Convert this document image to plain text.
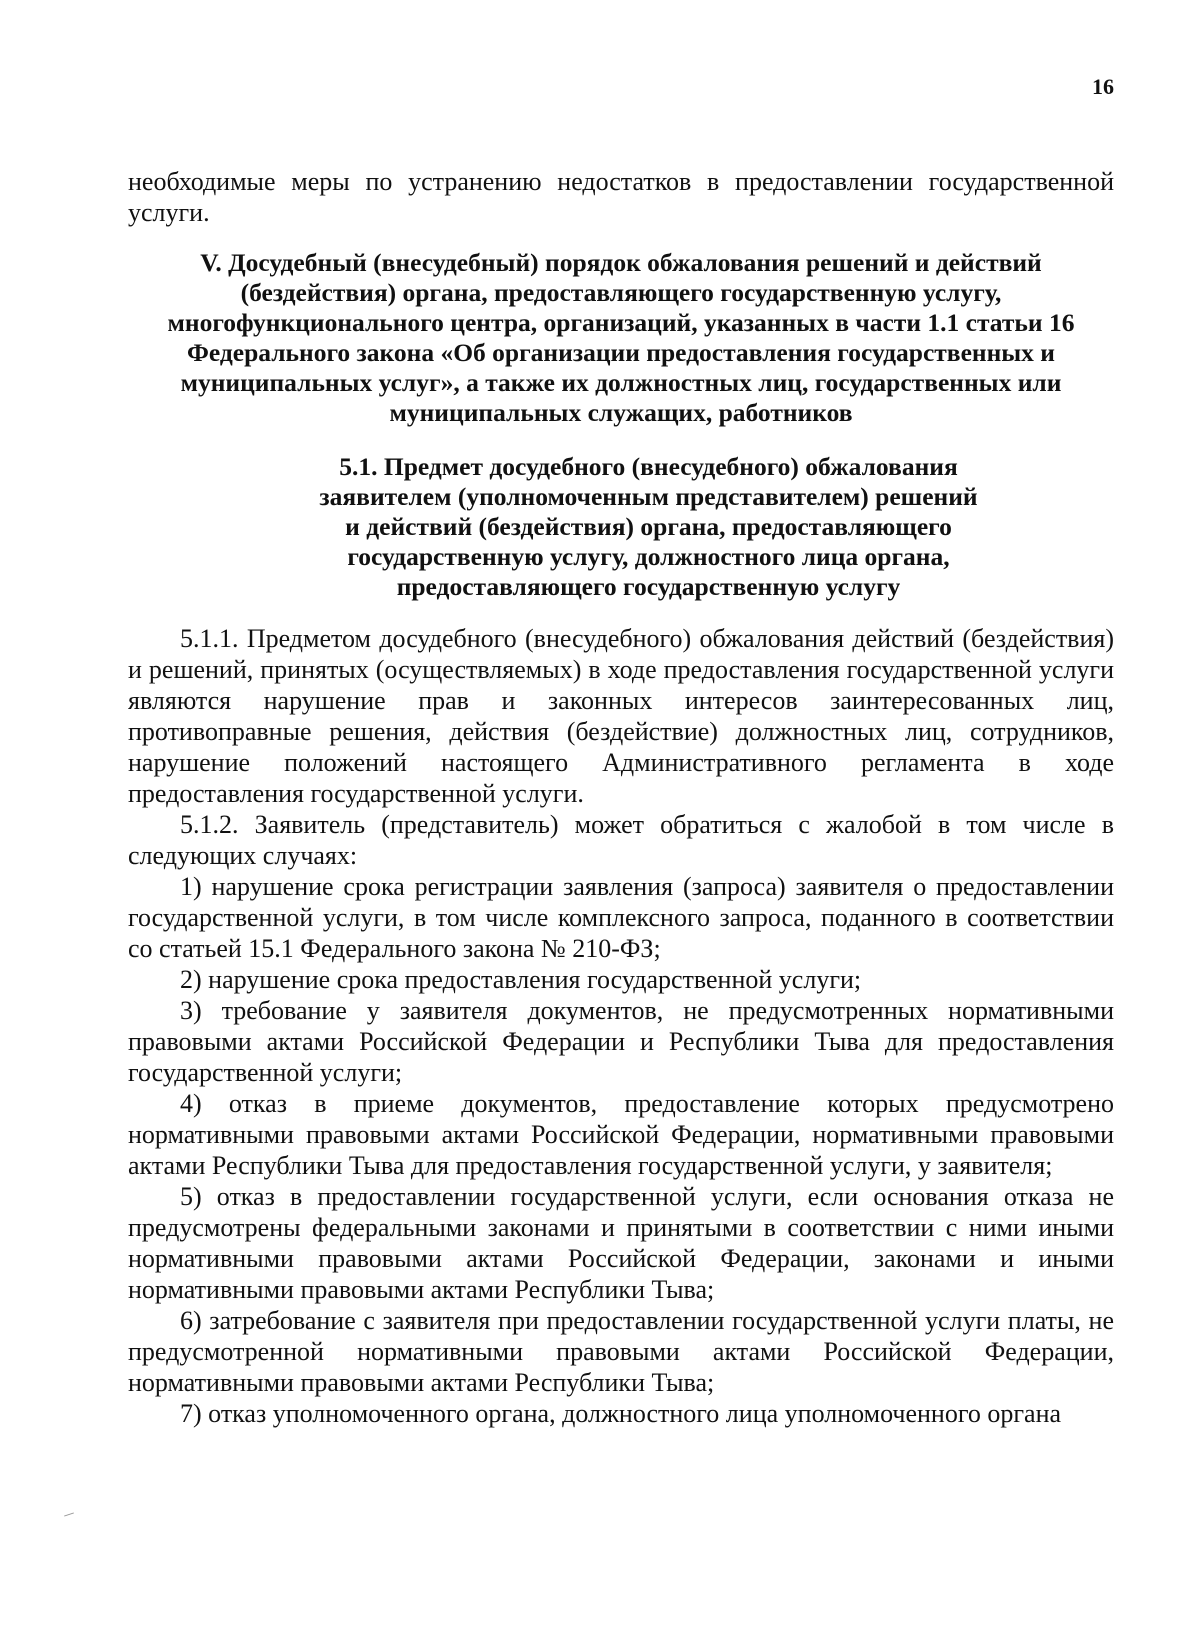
16

необходимые меры по устранению недостатков в предоставлении государственной услуги.

V. Досудебный (внесудебный) порядок обжалования решений и действий
(бездействия) органа, предоставляющего государственную услугу,
многофункционального центра, организаций, указанных в части 1.1 статьи 16
Федерального закона «Об организации предоставления государственных и
муниципальных услуг», а также их должностных лиц, государственных или
муниципальных служащих, работников
5.1. Предмет досудебного (внесудебного) обжалования
заявителем (уполномоченным представителем) решений
и действий (бездействия) органа, предоставляющего
государственную услугу, должностного лица органа,
предоставляющего государственную услугу

5.1.1. Предметом досудебного (внесудебного) обжалования действий (бездействия) и решений, принятых (осуществляемых) в ходе предоставления государственной услуги являются нарушение прав и законных интересов заинтересованных лиц, противоправные решения, действия (бездействие) должностных лиц, сотрудников, нарушение положений настоящего Административного регламента в ходе предоставления государственной услуги.

5.1.2. Заявитель (представитель) может обратиться с жалобой в том числе в следующих случаях:

1) нарушение срока регистрации заявления (запроса) заявителя о предоставлении государственной услуги, в том числе комплексного запроса, поданного в соответствии со статьей 15.1 Федерального закона № 210-ФЗ;

2) нарушение срока предоставления государственной услуги;

3) требование у заявителя документов, не предусмотренных нормативными правовыми актами Российской Федерации и Республики Тыва для предоставления государственной услуги;

4) отказ в приеме документов, предоставление которых предусмотрено нормативными правовыми актами Российской Федерации, нормативными правовыми актами Республики Тыва для предоставления государственной услуги, у заявителя;

5) отказ в предоставлении государственной услуги, если основания отказа не предусмотрены федеральными законами и принятыми в соответствии с ними иными нормативными правовыми актами Российской Федерации, законами и иными нормативными правовыми актами Республики Тыва;

6) затребование с заявителя при предоставлении государственной услуги платы, не предусмотренной нормативными правовыми актами Российской Федерации, нормативными правовыми актами Республики Тыва;

7) отказ уполномоченного органа, должностного лица уполномоченного органа
